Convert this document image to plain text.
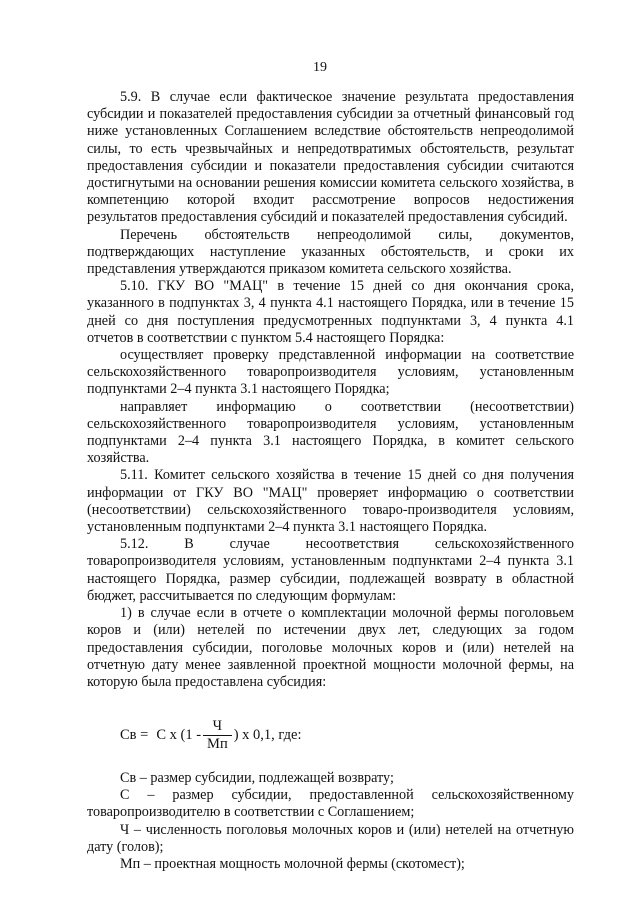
19

5.9. В случае если фактическое значение результата предоставления субсидии и показателей предоставления субсидии за отчетный финансовый год ниже установленных Соглашением вследствие обстоятельств непреодолимой силы, то есть чрезвычайных и непредотвратимых обстоятельств, результат предоставления субсидии и показатели предоставления субсидии считаются достигнутыми на основании решения комиссии комитета сельского хозяйства, в компетенцию которой входит рассмотрение вопросов недостижения результатов предоставления субсидий и показателей предоставления субсидий.

Перечень обстоятельств непреодолимой силы, документов, подтверждающих наступление указанных обстоятельств, и сроки их представления утверждаются приказом комитета сельского хозяйства.

5.10. ГКУ ВО "МАЦ" в течение 15 дней со дня окончания срока, указанного в подпунктах 3, 4 пункта 4.1 настоящего Порядка, или в течение 15 дней со дня поступления предусмотренных подпунктами 3, 4 пункта 4.1 отчетов в соответствии с пунктом 5.4 настоящего Порядка:

осуществляет проверку представленной информации на соответствие сельскохозяйственного товаропроизводителя условиям, установленным подпунктами 2–4 пункта 3.1 настоящего Порядка;

направляет информацию о соответствии (несоответствии) сельскохозяйственного товаропроизводителя условиям, установленным подпунктами 2–4 пункта 3.1 настоящего Порядка, в комитет сельского хозяйства.

5.11. Комитет сельского хозяйства в течение 15 дней со дня получения информации от ГКУ ВО "МАЦ" проверяет информацию о соответствии (несоответствии) сельскохозяйственного товаро-производителя условиям, установленным подпунктами 2–4 пункта 3.1 настоящего Порядка.

5.12. В случае несоответствия сельскохозяйственного товаропроизводителя условиям, установленным подпунктами 2–4 пункта 3.1 настоящего Порядка, размер субсидии, подлежащей возврату в областной бюджет, рассчитывается по следующим формулам:

1) в случае если в отчете о комплектации молочной фермы поголовьем коров и (или) нетелей по истечении двух лет, следующих за годом предоставления субсидии, поголовье молочных коров и (или) нетелей на отчетную дату менее заявленной проектной мощности молочной фермы, на которую была предоставлена субсидия:

Св = С x ($1 - \frac{Ч}{Мп}$ ) x 0,1, где:

Св – размер субсидии, подлежащей возврату;

С – размер субсидии, предоставленной сельскохозяйственному товаропроизводителю в соответствии с Соглашением;

Ч – численность поголовья молочных коров и (или) нетелей на отчетную дату (голов);

Мп – проектная мощность молочной фермы (скотомест);
